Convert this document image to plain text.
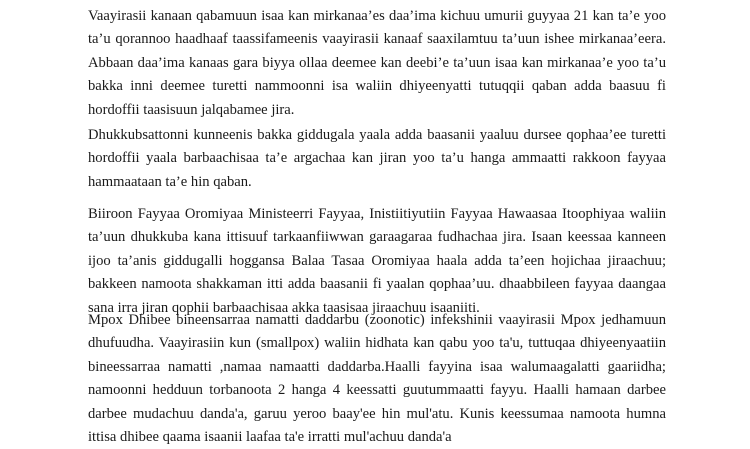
Vaayirasii kanaan qabamuun isaa kan mirkanaa’es daa’ima kichuu umurii guyyaa 21 kan ta’e yoo
ta’u qorannoo haadhaaf taassifameenis vaayirasii kanaaf saaxilamtuu ta’uun ishee mirkanaa’eera.
Abbaan daa’ima kanaas gara biyya ollaa deemee kan deebi’e ta’uun isaa kan mirkanaa’e yoo ta’u
bakka inni deemee turetti nammoonni isa waliin dhiyeenyatti tutuqqii qaban adda baasuu fi
hordoffii taasisuun jalqabamee jira.
Dhukkubsattonni kunneenis bakka giddugala yaala adda baasanii yaaluu dursee qophaa’ee turetti
hordoffii yaala barbaachisaa ta’e argachaa kan jiran yoo ta’u hanga ammaatti rakkoon fayyaa
hammaataan ta’e hin qaban.
Biiroon Fayyaa Oromiyaa Ministeerri Fayyaa, Inistiitiyutiin Fayyaa Hawaasaa Itoophiyaa waliin
ta’uun dhukkuba kana ittisuuf tarkaanfiiwwan garaagaraa fudhachaa jira. Isaan keessaa kanneen
ijoo ta’anis giddugalli hoggansa Balaa Tasaa Oromiyaa haala adda ta’een hojichaa jiraachuu;
bakkeen namoota shakkaman itti adda baasanii fi yaalan qophaa’uu. dhaabbileen fayyaa daangaa
sana irra jiran qophii barbaachisaa akka taasisaa jiraachuu isaaniiti.
Mpox Dhibee bineensarraa namatti daddarbu (zoonotic) infekshinii vaayirasii Mpox jedhamuun
dhufuudha. Vaayirasiin kun (smallpox) waliin hidhata kan qabu yoo ta'u, tuttuqaa dhiyeenyaatiin
bineessarraa namatti ,namaa namaatti daddarba.Haalli fayyina isaa walumaagalatti gaariidha;
namoonni hedduun torbanoota 2 hanga 4 keessatti guutummaatti fayyu. Haalli hamaan darbee
darbee mudachuu danda'a, garuu yeroo baay'ee hin mul'atu. Kunis keessumaa namoota humna
ittisa dhibee qaama isaanii laafaa ta'e irratti mul'achuu danda'a
